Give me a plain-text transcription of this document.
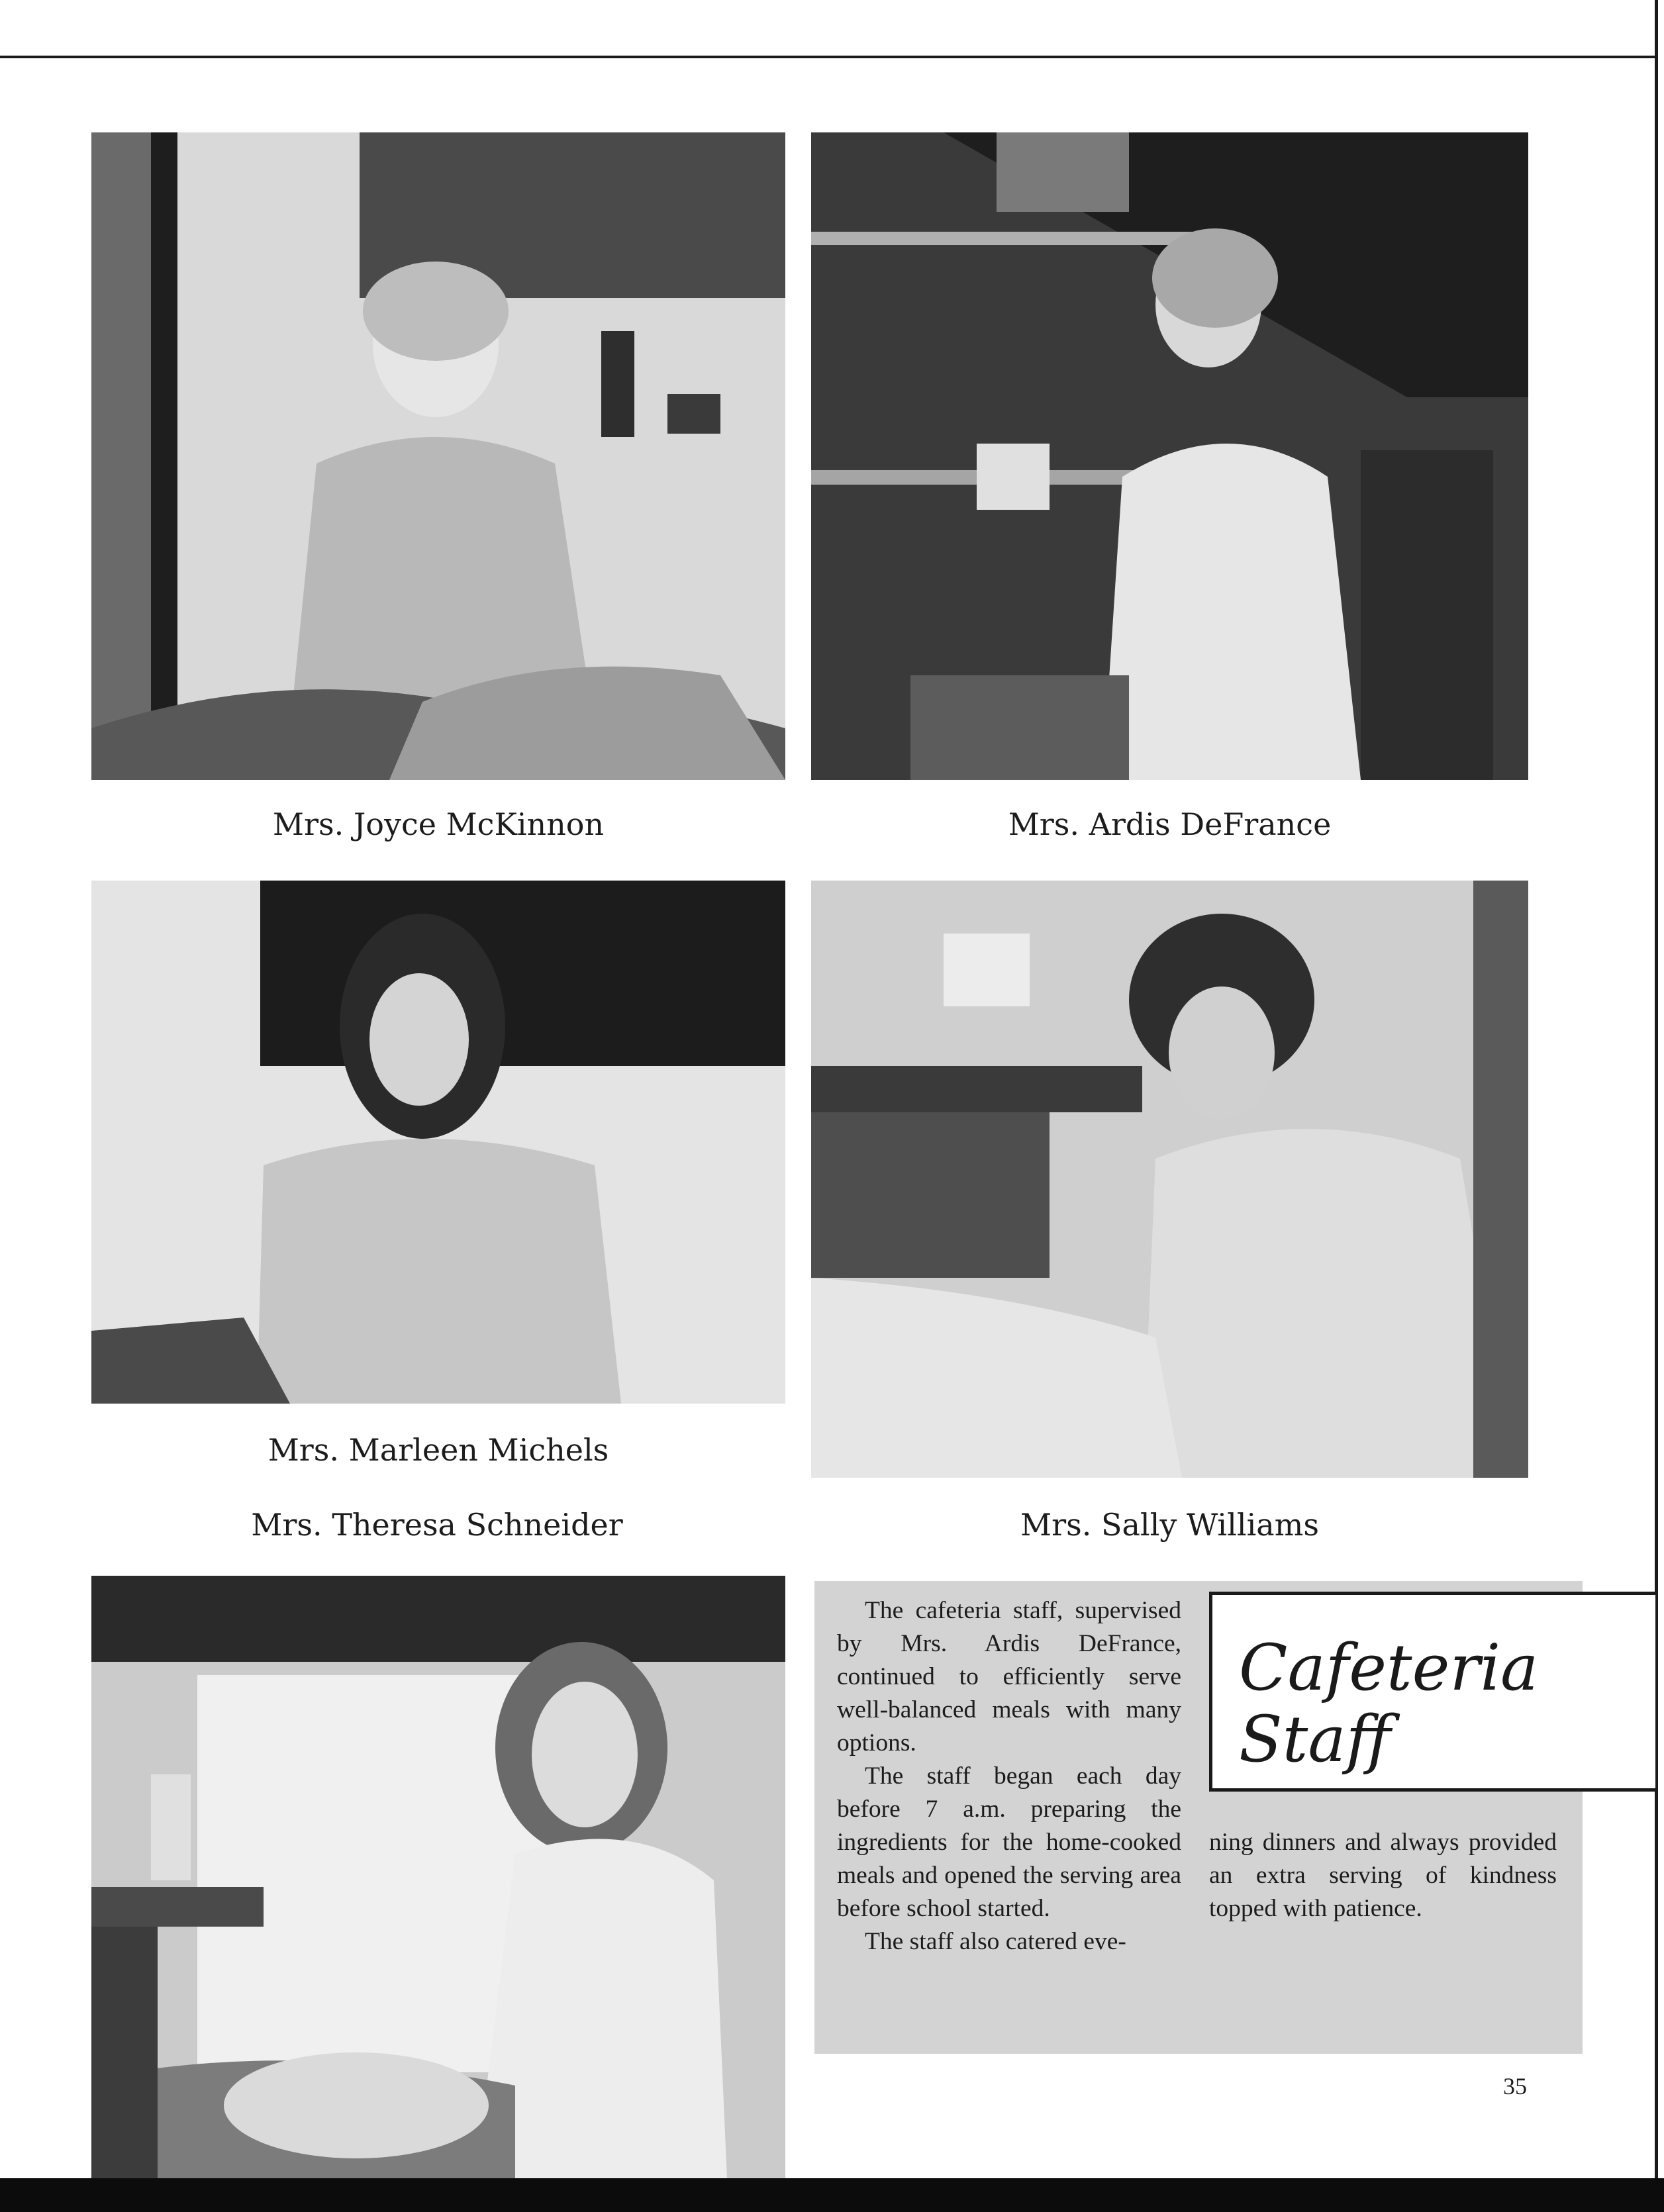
Mrs. Joyce McKinnon	Mrs. Ardis DeFrance
Mrs. Marleen Michels
Mrs. Theresa Schneider	Mrs. Sally Williams

The cafeteria staff, supervised by Mrs. Ardis DeFrance, continued to efficiently serve well-balanced meals with many options.

The staff began each day before 7 a.m. preparing the ingredients for the home-cooked meals and opened the serving area before school started.

The staff also catered eve-

Cafeteria
Staff

ning dinners and always provided an extra serving of kindness topped with patience.

35
